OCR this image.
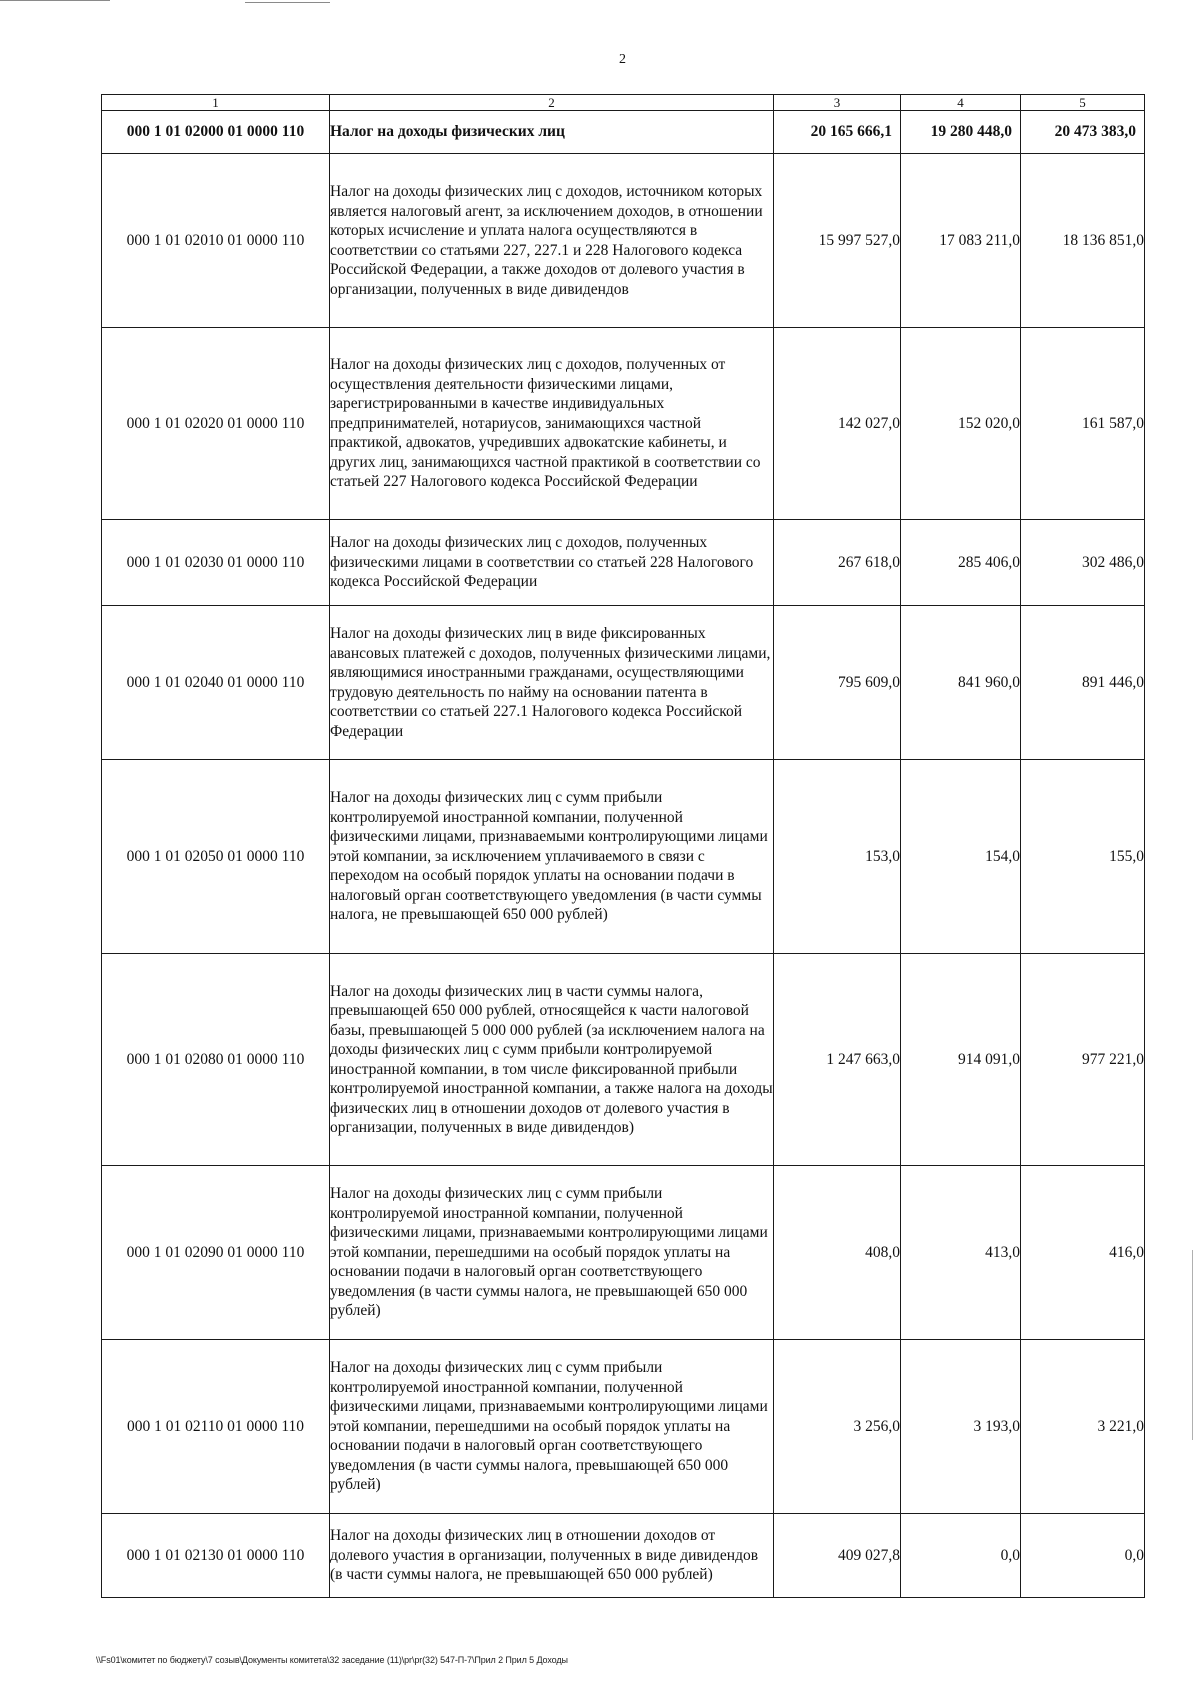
2
1	2	3	4	5
000 1 01 02000 01 0000 110	Налог на доходы физических лиц	20 165 666,1	19 280 448,0	20 473 383,0
000 1 01 02010 01 0000 110	Налог на доходы физических лиц с доходов, источником которых является налоговый агент, за исключением доходов, в отношении которых исчисление и уплата налога осуществляются в соответствии со статьями 227, 227.1 и 228 Налогового кодекса Российской Федерации, а также доходов от долевого участия в организации, полученных в виде дивидендов	15 997 527,0	17 083 211,0	18 136 851,0
000 1 01 02020 01 0000 110	Налог на доходы физических лиц с доходов, полученных от осуществления деятельности физическими лицами, зарегистрированными в качестве индивидуальных предпринимателей, нотариусов, занимающихся частной практикой, адвокатов, учредивших адвокатские кабинеты, и других лиц, занимающихся частной практикой в соответствии со статьей 227 Налогового кодекса Российской Федерации	142 027,0	152 020,0	161 587,0
000 1 01 02030 01 0000 110	Налог на доходы физических лиц с доходов, полученных физическими лицами в соответствии со статьей 228 Налогового кодекса Российской Федерации	267 618,0	285 406,0	302 486,0
000 1 01 02040 01 0000 110	Налог на доходы физических лиц в виде фиксированных авансовых платежей с доходов, полученных физическими лицами, являющимися иностранными гражданами, осуществляющими трудовую деятельность по найму на основании патента в соответствии со статьей 227.1 Налогового кодекса Российской Федерации	795 609,0	841 960,0	891 446,0
000 1 01 02050 01 0000 110	Налог на доходы физических лиц с сумм прибыли контролируемой иностранной компании, полученной физическими лицами, признаваемыми контролирующими лицами этой компании, за исключением уплачиваемого в связи с переходом на особый порядок уплаты на основании подачи в налоговый орган соответствующего уведомления (в части суммы налога, не превышающей 650 000 рублей)	153,0	154,0	155,0
000 1 01 02080 01 0000 110	Налог на доходы физических лиц в части суммы налога, превышающей 650 000 рублей, относящейся к части налоговой базы, превышающей 5 000 000 рублей (за исключением налога на доходы физических лиц с сумм прибыли контролируемой иностранной компании, в том числе фиксированной прибыли контролируемой иностранной компании, а также налога на доходы физических лиц в отношении доходов от долевого участия в организации, полученных в виде дивидендов)	1 247 663,0	914 091,0	977 221,0
000 1 01 02090 01 0000 110	Налог на доходы физических лиц с сумм прибыли контролируемой иностранной компании, полученной физическими лицами, признаваемыми контролирующими лицами этой компании, перешедшими на особый порядок уплаты на основании подачи в налоговый орган соответствующего уведомления (в части суммы налога, не превышающей 650 000 рублей)	408,0	413,0	416,0
000 1 01 02110 01 0000 110	Налог на доходы физических лиц с сумм прибыли контролируемой иностранной компании, полученной физическими лицами, признаваемыми контролирующими лицами этой компании, перешедшими на особый порядок уплаты на основании подачи в налоговый орган соответствующего уведомления (в части суммы налога, превышающей 650 000 рублей)	3 256,0	3 193,0	3 221,0
000 1 01 02130 01 0000 110	Налог на доходы физических лиц в отношении доходов от долевого участия в организации, полученных в виде дивидендов (в части суммы налога, не превышающей 650 000 рублей)	409 027,8	0,0	0,0
\\Fs01\комитет по бюджету\7 созыв\Документы комитета\32 заседание (11)\pr\pr(32) 547-П-7\Прил 2 Прил 5 Доходы
